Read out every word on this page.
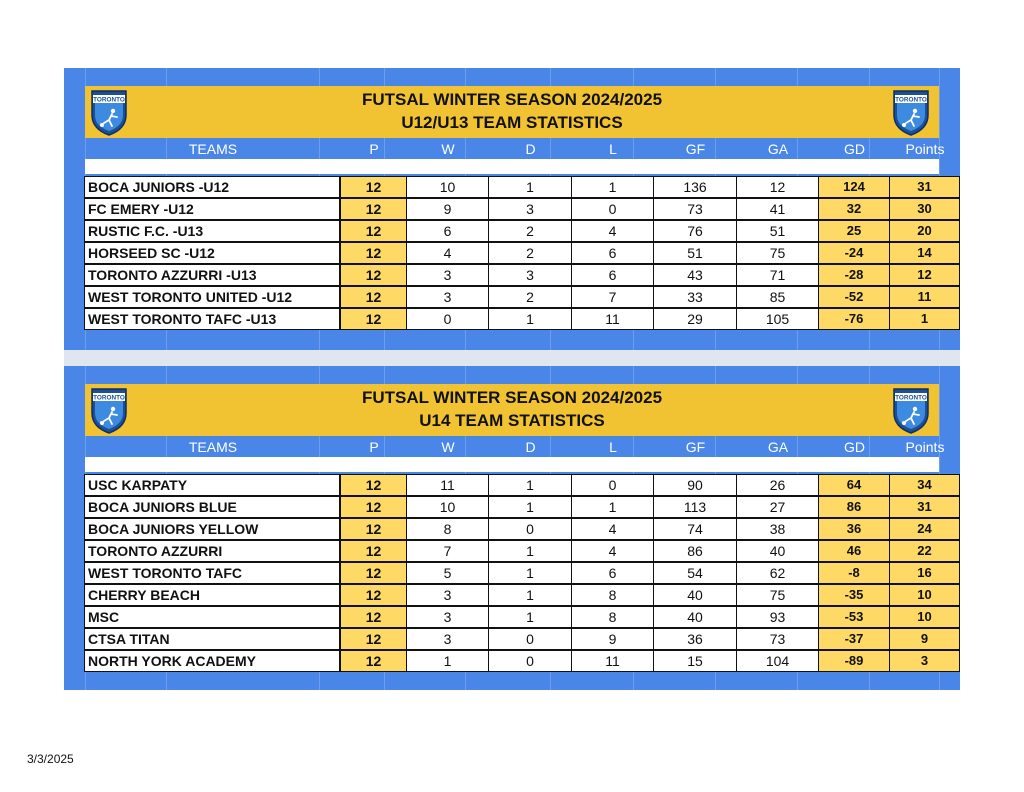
FUTSAL WINTER SEASON 2024/2025
U12/U13 TEAM STATISTICS
TORONTO	TORONTO
TEAMS	P	W	D	L	GF	GA	GD	Points
BOCA JUNIORS -U12	12	10	1	1	136	12	124	31
FC EMERY -U12	12	9	3	0	73	41	32	30
RUSTIC F.C. -U13	12	6	2	4	76	51	25	20
HORSEED SC -U12	12	4	2	6	51	75	-24	14
TORONTO AZZURRI -U13	12	3	3	6	43	71	-28	12
WEST TORONTO UNITED -U12	12	3	2	7	33	85	-52	11
WEST TORONTO TAFC -U13	12	0	1	11	29	105	-76	1
FUTSAL WINTER SEASON 2024/2025
U14 TEAM STATISTICS
TORONTO	TORONTO
TEAMS	P	W	D	L	GF	GA	GD	Points
USC KARPATY	12	11	1	0	90	26	64	34
BOCA JUNIORS BLUE	12	10	1	1	113	27	86	31
BOCA JUNIORS YELLOW	12	8	0	4	74	38	36	24
TORONTO AZZURRI	12	7	1	4	86	40	46	22
WEST TORONTO TAFC	12	5	1	6	54	62	-8	16
CHERRY BEACH	12	3	1	8	40	75	-35	10
MSC	12	3	1	8	40	93	-53	10
CTSA TITAN	12	3	0	9	36	73	-37	9
NORTH YORK ACADEMY	12	1	0	11	15	104	-89	3
3/3/2025
